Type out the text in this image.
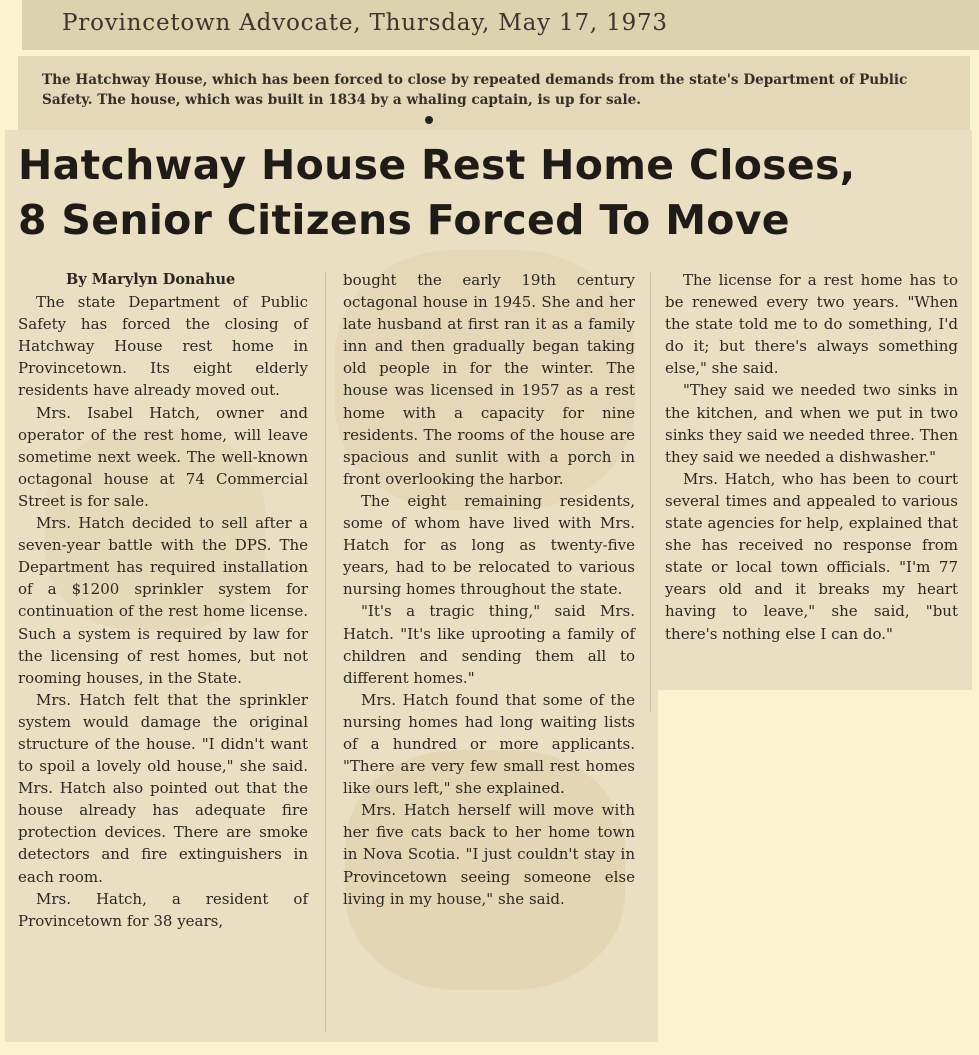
Provincetown Advocate, Thursday, May 17, 1973
The Hatchway House, which has been forced to close by repeated demands from the state's Department of Public Safety. The house, which was built in 1834 by a whaling captain, is up for sale.
Hatchway House Rest Home Closes,
8 Senior Citizens Forced To Move
By Marylyn Donahue

The state Department of Public Safety has forced the closing of Hatchway House rest home in Provincetown. Its eight elderly residents have already moved out.

Mrs. Isabel Hatch, owner and operator of the rest home, will leave sometime next week. The well-known octagonal house at 74 Commercial Street is for sale.

Mrs. Hatch decided to sell after a seven-year battle with the DPS. The Department has required installation of a $1200 sprinkler system for continuation of the rest home license. Such a system is required by law for the licensing of rest homes, but not rooming houses, in the State.

Mrs. Hatch felt that the sprinkler system would damage the original structure of the house. "I didn't want to spoil a lovely old house," she said. Mrs. Hatch also pointed out that the house already has adequate fire protection devices. There are smoke detectors and fire extinguishers in each room.

Mrs. Hatch, a resident of Provincetown for 38 years,

bought the early 19th century octagonal house in 1945. She and her late husband at first ran it as a family inn and then gradually began taking old people in for the winter. The house was licensed in 1957 as a rest home with a capacity for nine residents. The rooms of the house are spacious and sunlit with a porch in front overlooking the harbor.

The eight remaining residents, some of whom have lived with Mrs. Hatch for as long as twenty-five years, had to be relocated to various nursing homes throughout the state.

"It's a tragic thing," said Mrs. Hatch. "It's like uprooting a family of children and sending them all to different homes."

Mrs. Hatch found that some of the nursing homes had long waiting lists of a hundred or more applicants. "There are very few small rest homes like ours left," she explained.

Mrs. Hatch herself will move with her five cats back to her home town in Nova Scotia. "I just couldn't stay in Provincetown seeing someone else living in my house," she said.

The license for a rest home has to be renewed every two years. "When the state told me to do something, I'd do it; but there's always something else," she said.

"They said we needed two sinks in the kitchen, and when we put in two sinks they said we needed three. Then they said we needed a dishwasher."

Mrs. Hatch, who has been to court several times and appealed to various state agencies for help, explained that she has received no response from state or local town officials. "I'm 77 years old and it breaks my heart having to leave," she said, "but there's nothing else I can do."
